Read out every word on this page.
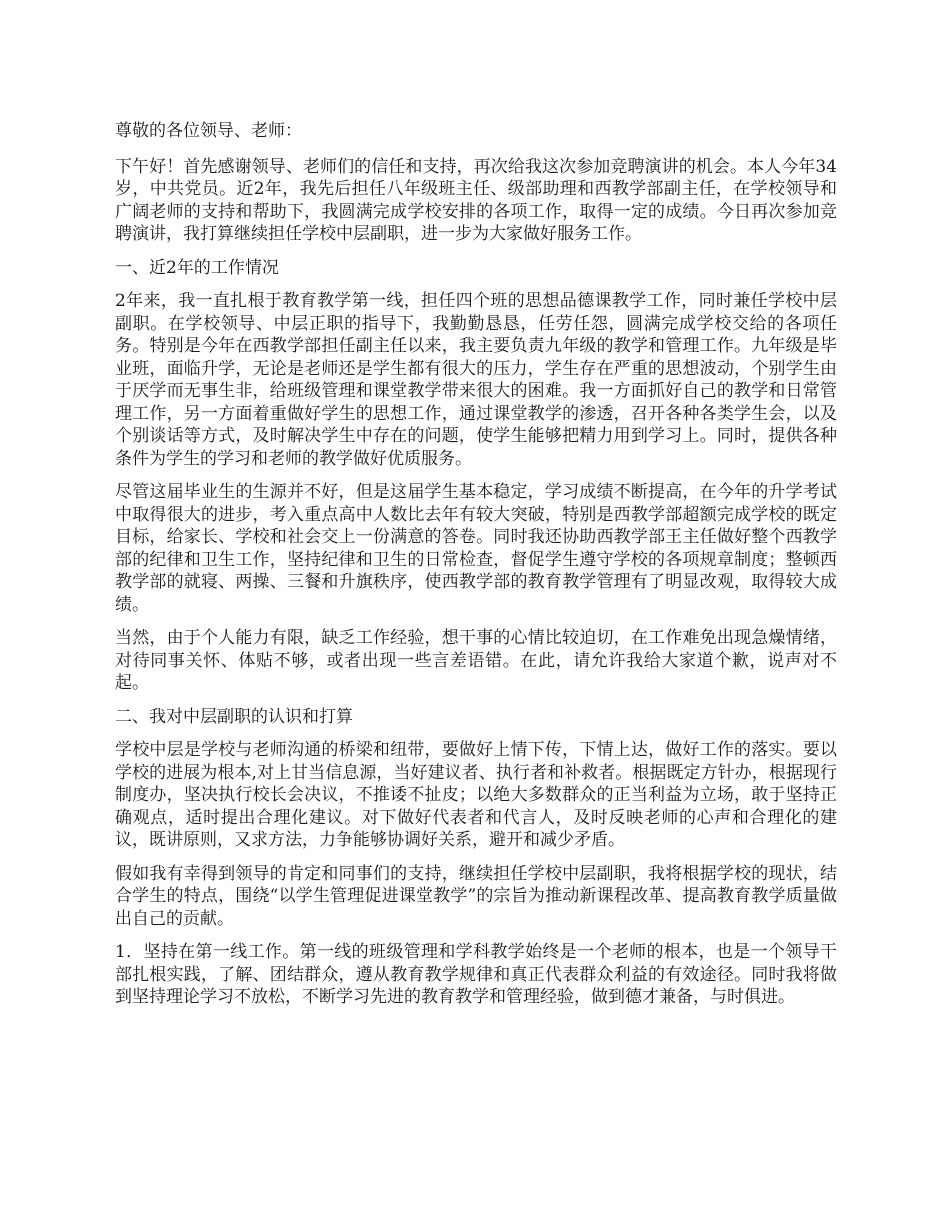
尊敬的各位领导、老师：

下午好！首先感谢领导、老师们的信任和支持，再次给我这次参加竞聘演讲的机会。本人今年34岁，中共党员。近2年，我先后担任八年级班主任、级部助理和西教学部副主任，在学校领导和广阔老师的支持和帮助下，我圆满完成学校安排的各项工作，取得一定的成绩。今日再次参加竞聘演讲，我打算继续担任学校中层副职，进一步为大家做好服务工作。

一、近2年的工作情况

2年来，我一直扎根于教育教学第一线，担任四个班的思想品德课教学工作，同时兼任学校中层副职。在学校领导、中层正职的指导下，我勤勤恳恳，任劳任怨，圆满完成学校交给的各项任务。特别是今年在西教学部担任副主任以来，我主要负责九年级的教学和管理工作。九年级是毕业班，面临升学，无论是老师还是学生都有很大的压力，学生存在严重的思想波动，个别学生由于厌学而无事生非，给班级管理和课堂教学带来很大的困难。我一方面抓好自己的教学和日常管理工作，另一方面着重做好学生的思想工作，通过课堂教学的渗透，召开各种各类学生会，以及个别谈话等方式，及时解决学生中存在的问题，使学生能够把精力用到学习上。同时，提供各种条件为学生的学习和老师的教学做好优质服务。

尽管这届毕业生的生源并不好，但是这届学生基本稳定，学习成绩不断提高，在今年的升学考试中取得很大的进步，考入重点高中人数比去年有较大突破，特别是西教学部超额完成学校的既定目标，给家长、学校和社会交上一份满意的答卷。同时我还协助西教学部王主任做好整个西教学部的纪律和卫生工作，坚持纪律和卫生的日常检查，督促学生遵守学校的各项规章制度；整顿西教学部的就寝、两操、三餐和升旗秩序，使西教学部的教育教学管理有了明显改观，取得较大成绩。

当然，由于个人能力有限，缺乏工作经验，想干事的心情比较迫切，在工作难免出现急燥情绪，对待同事关怀、体贴不够，或者出现一些言差语错。在此，请允许我给大家道个歉，说声对不起。

二、我对中层副职的认识和打算

学校中层是学校与老师沟通的桥梁和纽带，要做好上情下传，下情上达，做好工作的落实。要以学校的进展为根本,对上甘当信息源，当好建议者、执行者和补救者。根据既定方针办，根据现行制度办，坚决执行校长会决议，不推诿不扯皮；以绝大多数群众的正当利益为立场，敢于坚持正确观点，适时提出合理化建议。对下做好代表者和代言人，及时反映老师的心声和合理化的建议，既讲原则，又求方法，力争能够协调好关系，避开和减少矛盾。

假如我有幸得到领导的肯定和同事们的支持，继续担任学校中层副职，我将根据学校的现状，结合学生的特点，围绕“以学生管理促进课堂教学”的宗旨为推动新课程改革、提高教育教学质量做出自己的贡献。

1．坚持在第一线工作。第一线的班级管理和学科教学始终是一个老师的根本，也是一个领导干部扎根实践，了解、团结群众，遵从教育教学规律和真正代表群众利益的有效途径。同时我将做到坚持理论学习不放松，不断学习先进的教育教学和管理经验，做到德才兼备，与时俱进。
